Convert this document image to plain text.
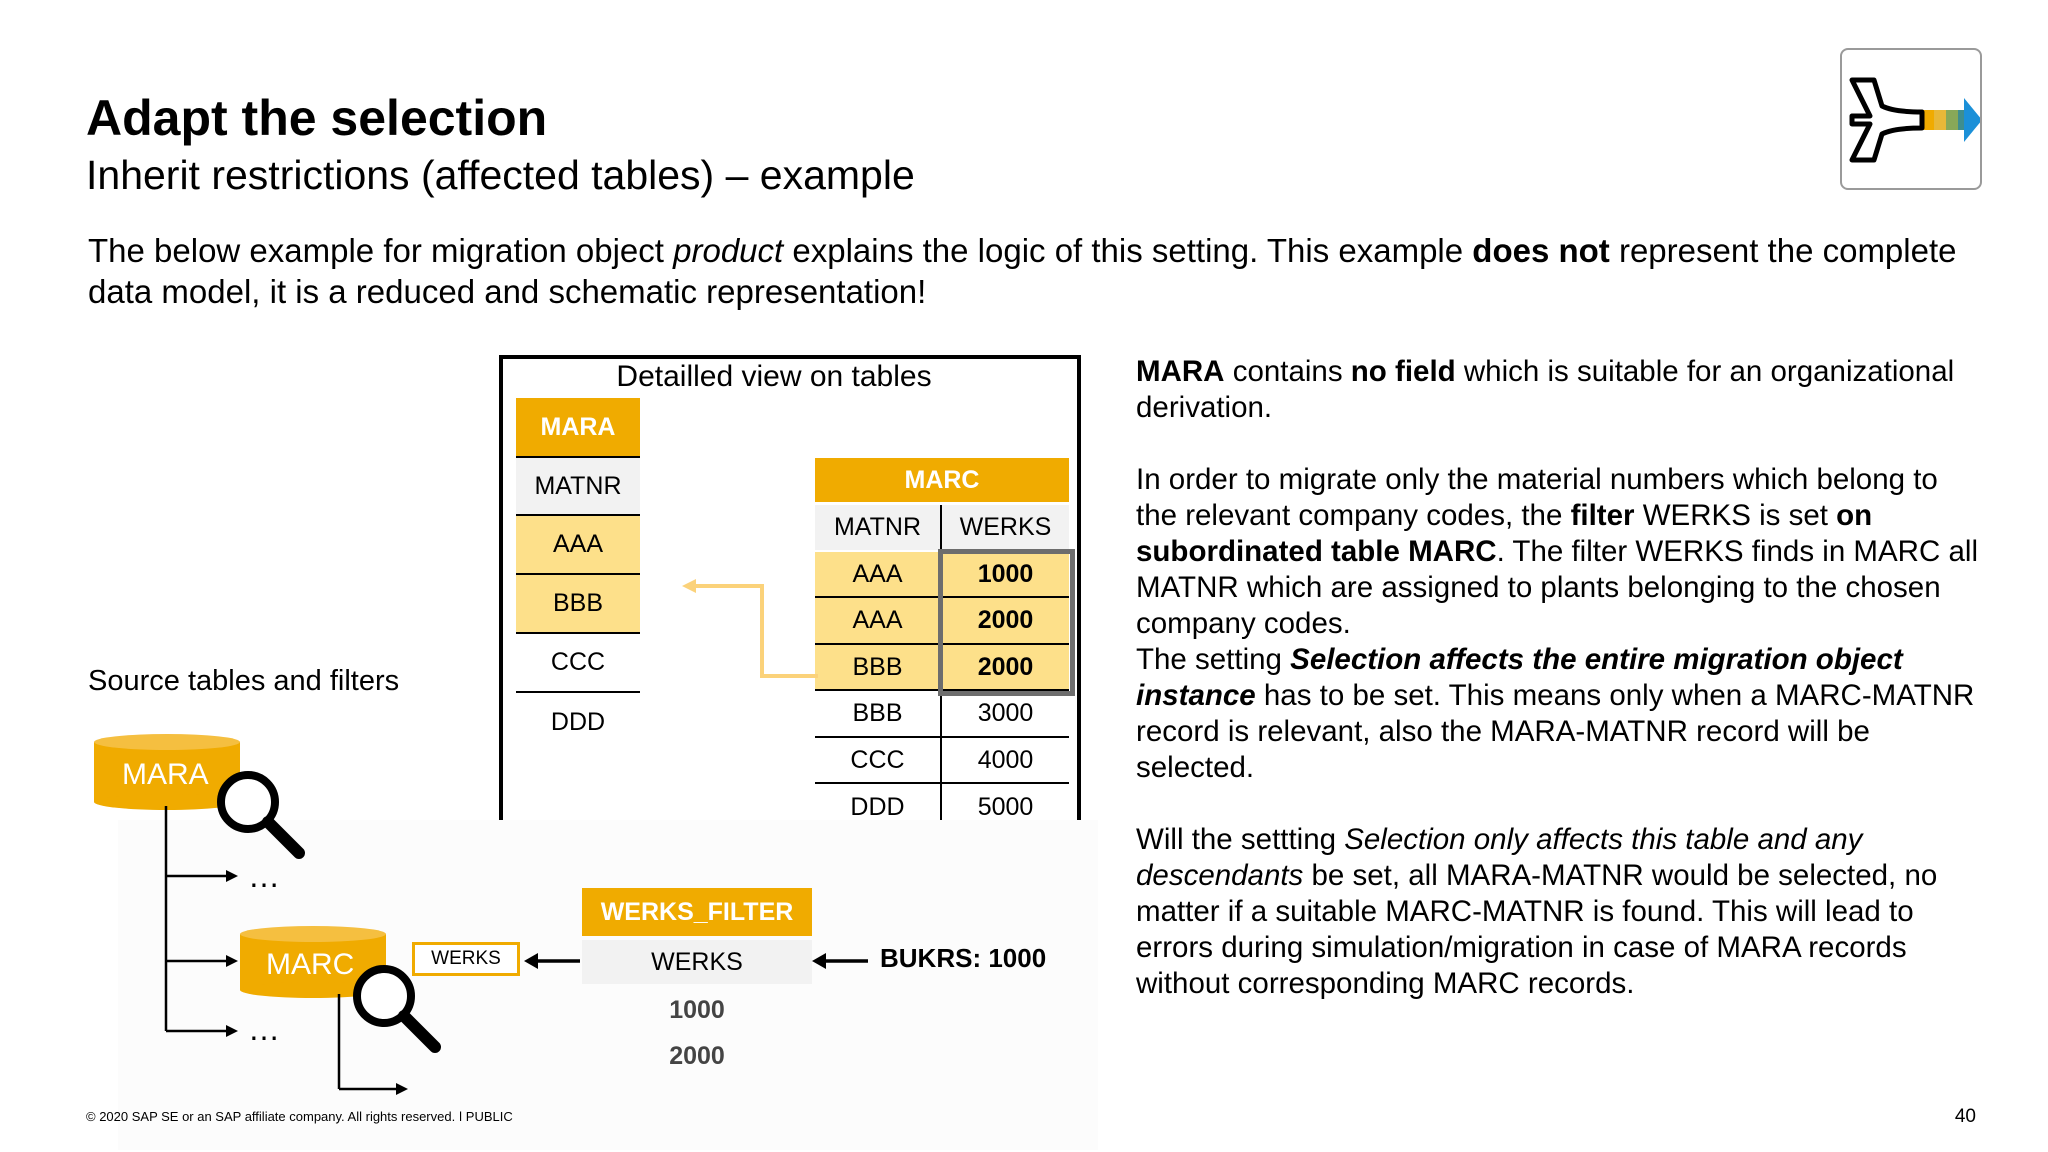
Adapt the selection
Inherit restrictions (affected tables) – example
The below example for migration object product explains the logic of this setting. This example does not represent the complete data model, it is a reduced and schematic representation!
Detailled view on tables
MARA
MATNR
AAA
BBB
CCC
DDD
MARC
MATNR	WERKS
AAA	1000
AAA	2000
BBB	2000
BBB	3000
CCC	4000
DDD	5000

MARA contains no field which is suitable for an organizational derivation.

In order to migrate only the material numbers which belong to the relevant company codes, the filter WERKS is set on subordinated table MARC. The filter WERKS finds in MARC all MATNR which are assigned to plants belonging to the chosen company codes.

The setting Selection affects the entire migration object instance has to be set. This means only when a MARC-MATNR record is relevant, also the MARA-MATNR record will be selected.

Will the settting Selection only affects this table and any descendants be set, all MARA-MATNR would be selected, no matter if a suitable MARC-MATNR is found. This will lead to errors during simulation/migration in case of MARA records without corresponding MARC records.

Source tables and filters
MARA
MARC
…
…
WERKS
WERKS_FILTER
WERKS
1000
2000
BUKRS: 1000
© 2020 SAP SE or an SAP affiliate company. All rights reserved. ǀ PUBLIC	40
